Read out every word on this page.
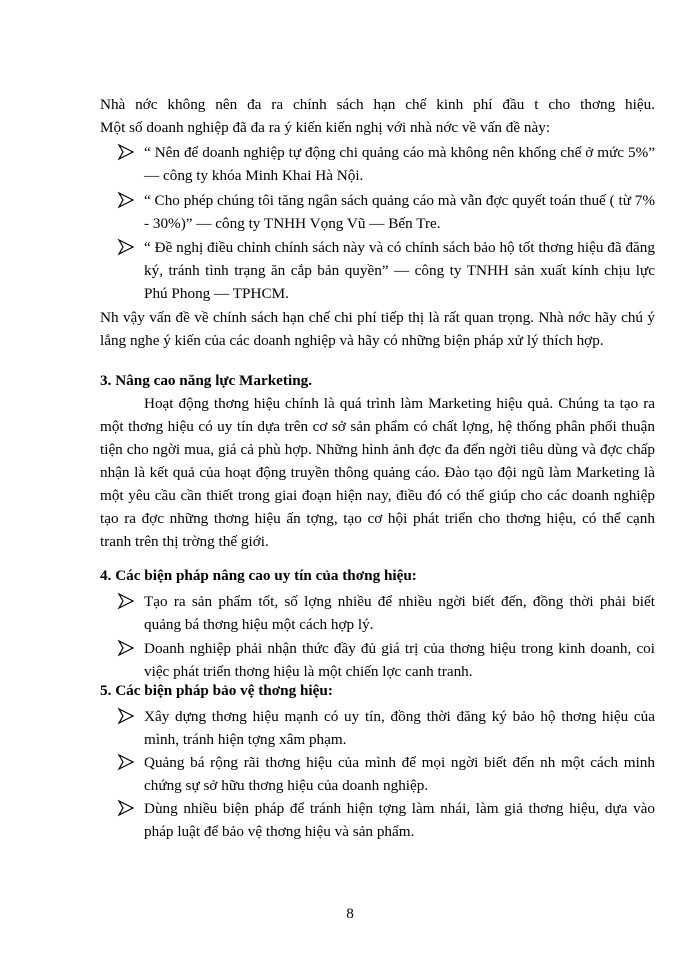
Nhà nớc không nên đa ra chính sách hạn chế kinh phí đầu t cho thơng hiệu.
Một số doanh nghiệp đã đa ra ý kiến kiến nghị với nhà nớc về vấn đề này:
“ Nên để doanh nghiệp tự động chi quảng cáo mà không nên khống chế ở mức 5%” — công ty khóa Minh Khai Hà Nội.
“ Cho phép chúng tôi tăng ngân sách quảng cáo mà vẫn đợc quyết toán thuế ( từ 7% - 30%)” — công ty TNHH Vọng Vũ — Bến Tre.
“ Đề nghị điều chỉnh chính sách này và có chính sách bảo hộ tốt thơng hiệu đã đăng ký, tránh tình trạng ăn cắp bản quyền” — công ty TNHH sản xuất kính chịu lực Phú Phong — TPHCM.
Nh vậy vấn đề về chính sách hạn chế chi phí tiếp thị là rất quan trọng. Nhà nớc hãy chú ý lắng nghe ý kiến của các doanh nghiệp và hãy có những biện pháp xử lý thích hợp.
3. Nâng cao năng lực Marketing.
Hoạt động thơng hiệu chính là quá trình làm Marketing hiệu quả. Chúng ta tạo ra một thơng hiệu có uy tín dựa trên cơ sở sản phẩm có chất lợng, hệ thống phân phối thuận tiện cho ngời mua, giá cả phù hợp. Những hình ảnh đợc đa đến ngời tiêu dùng và đợc chấp nhận là kết quả của hoạt động truyền thông quảng cáo. Đào tạo đội ngũ làm Marketing là một yêu cầu cần thiết trong giai đoạn hiện nay, điều đó có thể giúp cho các doanh nghiệp tạo ra đợc những thơng hiệu ấn tợng, tạo cơ hội phát triển cho thơng hiệu, có thể cạnh tranh trên thị trờng thế giới.
4. Các biện pháp nâng cao uy tín của thơng hiệu:
Tạo ra sản phẩm tốt, số lợng nhiều để nhiều ngời biết đến, đồng thời phải biết quảng bá thơng hiệu một cách hợp lý.
Doanh nghiệp phải nhận thức đầy đủ giá trị của thơng hiệu trong kinh doanh, coi việc phát triển thơng hiệu là một chiến lợc canh tranh.
5. Các biện pháp bảo vệ thơng hiệu:
Xây dựng thơng hiệu mạnh có uy tín, đồng thời đăng ký bảo hộ thơng hiệu của mình, tránh hiện tợng xâm phạm.
Quảng bá rộng rãi thơng hiệu của mình để mọi ngời biết đến nh một cách minh chứng sự sở hữu thơng hiệu của doanh nghiệp.
Dùng nhiều biện pháp để tránh hiện tợng làm nhái, làm giả thơng hiệu, dựa vào pháp luật để bảo vệ thơng hiệu và sản phẩm.
8
